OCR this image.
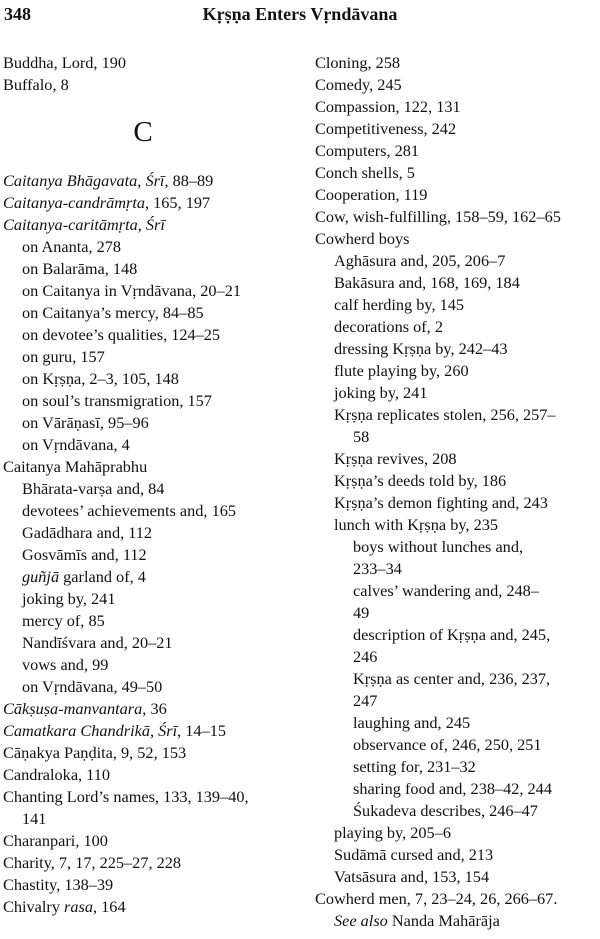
348	Kṛṣṇa Enters Vṛndāvana
Buddha, Lord, 190
Buffalo, 8
C
Caitanya Bhāgavata, Śrī, 88–89
Caitanya-candrāmṛta, 165, 197
Caitanya-caritāmṛta, Śrī
on Ananta, 278
on Balarāma, 148
on Caitanya in Vṛndāvana, 20–21
on Caitanya’s mercy, 84–85
on devotee’s qualities, 124–25
on guru, 157
on Kṛṣṇa, 2–3, 105, 148
on soul’s transmigration, 157
on Vārāṇasī, 95–96
on Vṛndāvana, 4
Caitanya Mahāprabhu
Bhārata-varṣa and, 84
devotees’ achievements and, 165
Gadādhara and, 112
Gosvāmīs and, 112
guñjā garland of, 4
joking by, 241
mercy of, 85
Nandīśvara and, 20–21
vows and, 99
on Vṛndāvana, 49–50
Cākṣuṣa-manvantara, 36
Camatkara Chandrikā, Śrī, 14–15
Cāṇakya Paṇḍita, 9, 52, 153
Candraloka, 110
Chanting Lord’s names, 133, 139–40,
141
Charanpari, 100
Charity, 7, 17, 225–27, 228
Chastity, 138–39
Chivalry rasa, 164
Cloning, 258
Comedy, 245
Compassion, 122, 131
Competitiveness, 242
Computers, 281
Conch shells, 5
Cooperation, 119
Cow, wish-fulfilling, 158–59, 162–65
Cowherd boys
Aghāsura and, 205, 206–7
Bakāsura and, 168, 169, 184
calf herding by, 145
decorations of, 2
dressing Kṛṣṇa by, 242–43
flute playing by, 260
joking by, 241
Kṛṣṇa replicates stolen, 256, 257–
58
Kṛṣṇa revives, 208
Kṛṣṇa’s deeds told by, 186
Kṛṣṇa’s demon fighting and, 243
lunch with Kṛṣṇa by, 235
boys without lunches and,
233–34
calves’ wandering and, 248–
49
description of Kṛṣṇa and, 245,
246
Kṛṣṇa as center and, 236, 237,
247
laughing and, 245
observance of, 246, 250, 251
setting for, 231–32
sharing food and, 238–42, 244
Śukadeva describes, 246–47
playing by, 205–6
Sudāmā cursed and, 213
Vatsāsura and, 153, 154
Cowherd men, 7, 23–24, 26, 266–67.
See also Nanda Mahārāja
